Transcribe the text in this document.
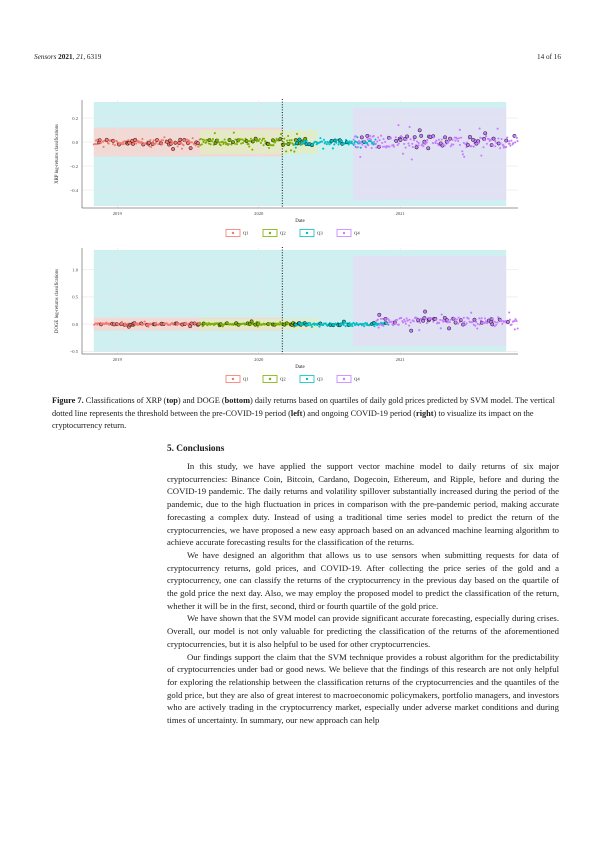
Sensors 2021, 21, 6319	14 of 16
0.2
0.0
−0.2
−0.4
2019	2020	2021
XRP log-returns classifications
Date
Q1	Q2	Q3	Q4
1.0
0.5
0.0
−0.5
2019	2020	2021
DOGE log-returns classifications
Date
Q1	Q2	Q3	Q4
Figure 7. Classifications of XRP (top) and DOGE (bottom) daily returns based on quartiles of daily gold prices predicted by SVM model. The vertical dotted line represents the threshold between the pre-COVID-19 period (left) and ongoing COVID-19 period (right) to visualize its impact on the cryptocurrency return.
5. Conclusions

In this study, we have applied the support vector machine model to daily returns of six major cryptocurrencies: Binance Coin, Bitcoin, Cardano, Dogecoin, Ethereum, and Ripple, before and during the COVID-19 pandemic. The daily returns and volatility spillover substantially increased during the period of the pandemic, due to the high fluctuation in prices in comparison with the pre-pandemic period, making accurate forecasting a complex duty. Instead of using a traditional time series model to predict the return of the cryptocurrencies, we have proposed a new easy approach based on an advanced machine learning algorithm to achieve accurate forecasting results for the classification of the returns.

We have designed an algorithm that allows us to use sensors when submitting requests for data of cryptocurrency returns, gold prices, and COVID-19. After collecting the price series of the gold and a cryptocurrency, one can classify the returns of the cryptocurrency in the previous day based on the quartile of the gold price the next day. Also, we may employ the proposed model to predict the classification of the return, whether it will be in the first, second, third or fourth quartile of the gold price.

We have shown that the SVM model can provide significant accurate forecasting, especially during crises. Overall, our model is not only valuable for predicting the classification of the returns of the aforementioned cryptocurrencies, but it is also helpful to be used for other cryptocurrencies.

Our findings support the claim that the SVM technique provides a robust algorithm for the predictability of cryptocurrencies under bad or good news. We believe that the findings of this research are not only helpful for exploring the relationship between the classification returns of the cryptocurrencies and the quantiles of the gold price, but they are also of great interest to macroeconomic policymakers, portfolio managers, and investors who are actively trading in the cryptocurrency market, especially under adverse market conditions and during times of uncertainty. In summary, our new approach can help
